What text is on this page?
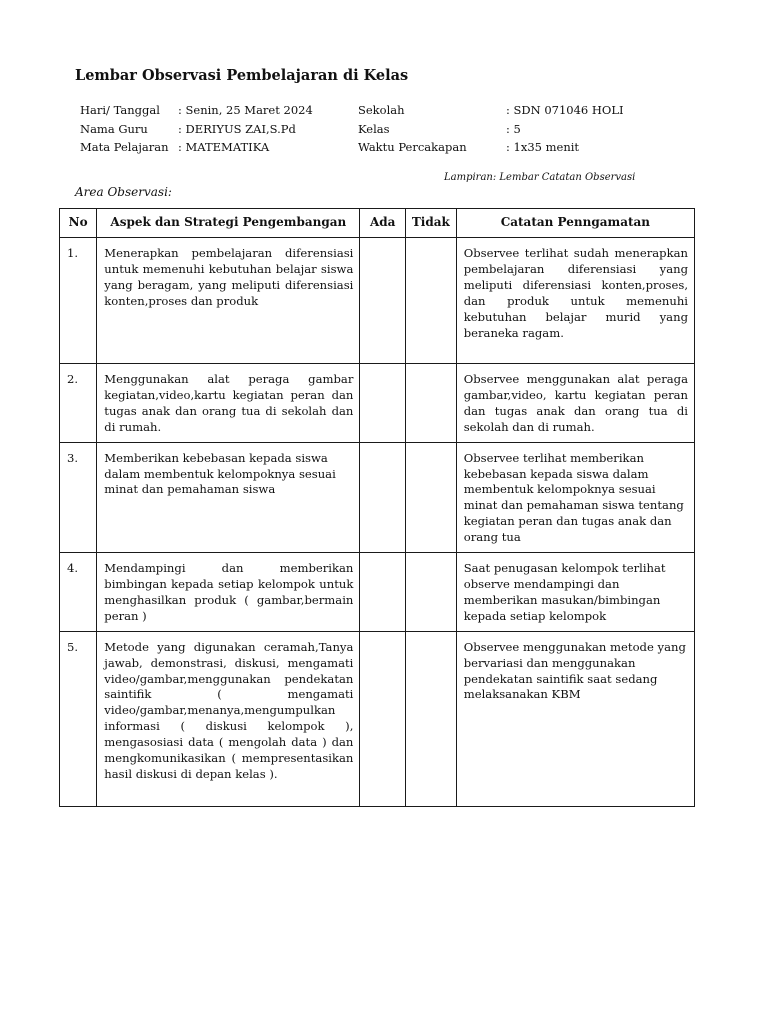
Lembar Observasi Pembelajaran di Kelas
Hari/ Tanggal : Senin, 25 Maret 2024	Sekolah	: SDN 071046 HOLI
Nama Guru	: DERIYUS ZAI,S.Pd	Kelas	: 5
Mata Pelajaran : MATEMATIKA	Waktu Percakapan	: 1x35 menit
Lampiran: Lembar Catatan Observasi
Area Observasi:
No	Aspek dan Strategi Pengembangan	Ada	Tidak	Catatan Penngamatan
1.	Menerapkan pembelajaran diferensiasi untuk memenuhi kebutuhan belajar siswa yang beragam, yang meliputi diferensiasi konten,proses dan produk			Observee terlihat sudah menerapkan pembelajaran diferensiasi yang meliputi diferensiasi konten,proses, dan produk untuk memenuhi kebutuhan belajar murid yang beraneka ragam.
2.	Menggunakan alat peraga gambar kegiatan,video,kartu kegiatan peran dan tugas anak dan orang tua di sekolah dan di rumah.			Observee menggunakan alat peraga gambar,video, kartu kegiatan peran dan tugas anak dan orang tua di sekolah dan di rumah.
3.	Memberikan kebebasan kepada siswa dalam membentuk kelompoknya sesuai minat dan pemahaman siswa			Observee terlihat memberikan kebebasan kepada siswa dalam membentuk kelompoknya sesuai minat dan pemahaman siswa tentang kegiatan peran dan tugas anak dan orang tua
4.	Mendampingi dan memberikan bimbingan kepada setiap kelompok untuk menghasilkan produk ( gambar,bermain peran )			Saat penugasan kelompok terlihat observe mendampingi dan memberikan masukan/bimbingan kepada setiap kelompok
5.	Metode yang digunakan ceramah,Tanya jawab, demonstrasi, diskusi, mengamati video/gambar,menggunakan pendekatan saintifik ( mengamati video/gambar,menanya,mengumpulkan informasi ( diskusi kelompok ), mengasosiasi data ( mengolah data ) dan mengkomunikasikan ( mempresentasikan hasil diskusi di depan kelas ).			Observee menggunakan metode yang bervariasi dan menggunakan pendekatan saintifik saat sedang melaksanakan KBM
